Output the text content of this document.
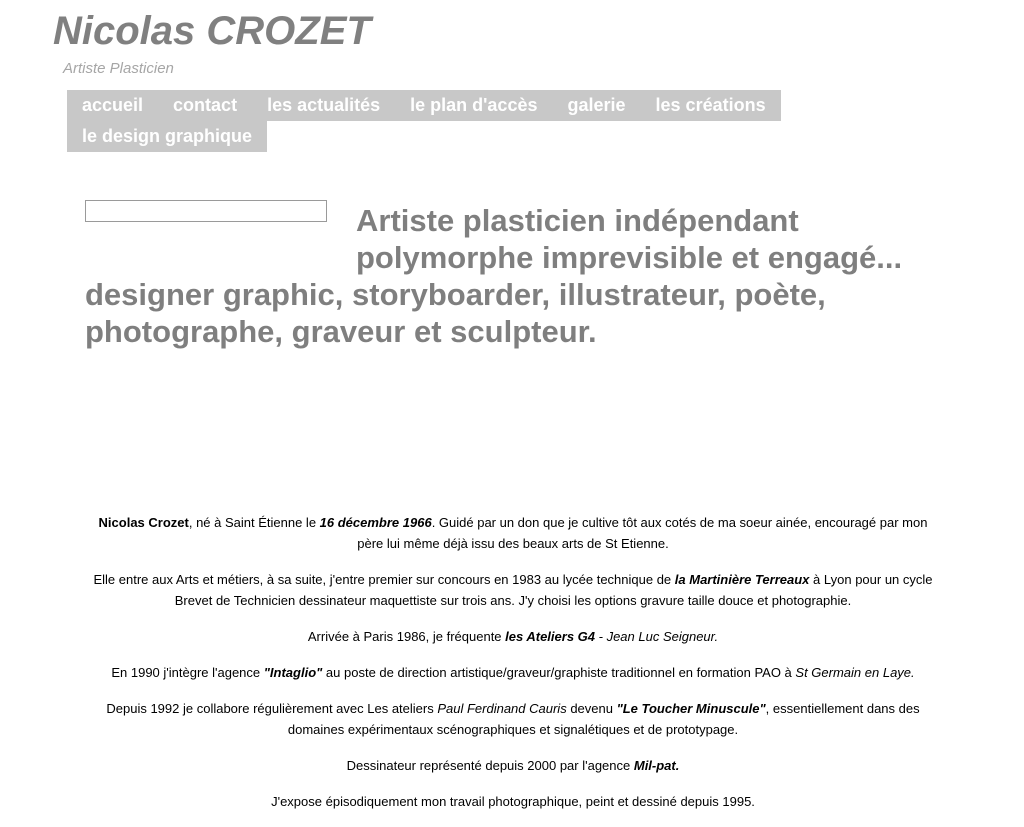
Nicolas CROZET
Artiste Plasticien
accueil	contact	les actualités	le plan d'accès	galerie	les créations
le design graphique
Artiste plasticien indépendant
polymorphe imprevisible et engagé...
designer graphic, storyboarder, illustrateur, poète,
photographe, graveur et sculpteur.

Nicolas Crozet, né à Saint Étienne le 16 décembre 1966. Guidé par un don que je cultive tôt aux cotés de ma soeur ainée, encouragé par mon père lui même déjà issu des beaux arts de St Etienne.

Elle entre aux Arts et métiers, à sa suite, j'entre premier sur concours en 1983 au lycée technique de la Martinière Terreaux à Lyon pour un cycle Brevet de Technicien dessinateur maquettiste sur trois ans. J'y choisi les options gravure taille douce et photographie.

Arrivée à Paris 1986, je fréquente les Ateliers G4 - Jean Luc Seigneur.

En 1990 j'intègre l'agence "Intaglio" au poste de direction artistique/graveur/graphiste traditionnel en formation PAO à St Germain en Laye.

Depuis 1992 je collabore régulièrement avec Les ateliers Paul Ferdinand Cauris devenu "Le Toucher Minuscule", essentiellement dans des domaines expérimentaux scénographiques et signalétiques et de prototypage.

Dessinateur représenté depuis 2000 par l'agence Mil-pat.

J'expose épisodiquement mon travail photographique, peint et dessiné depuis 1995.
